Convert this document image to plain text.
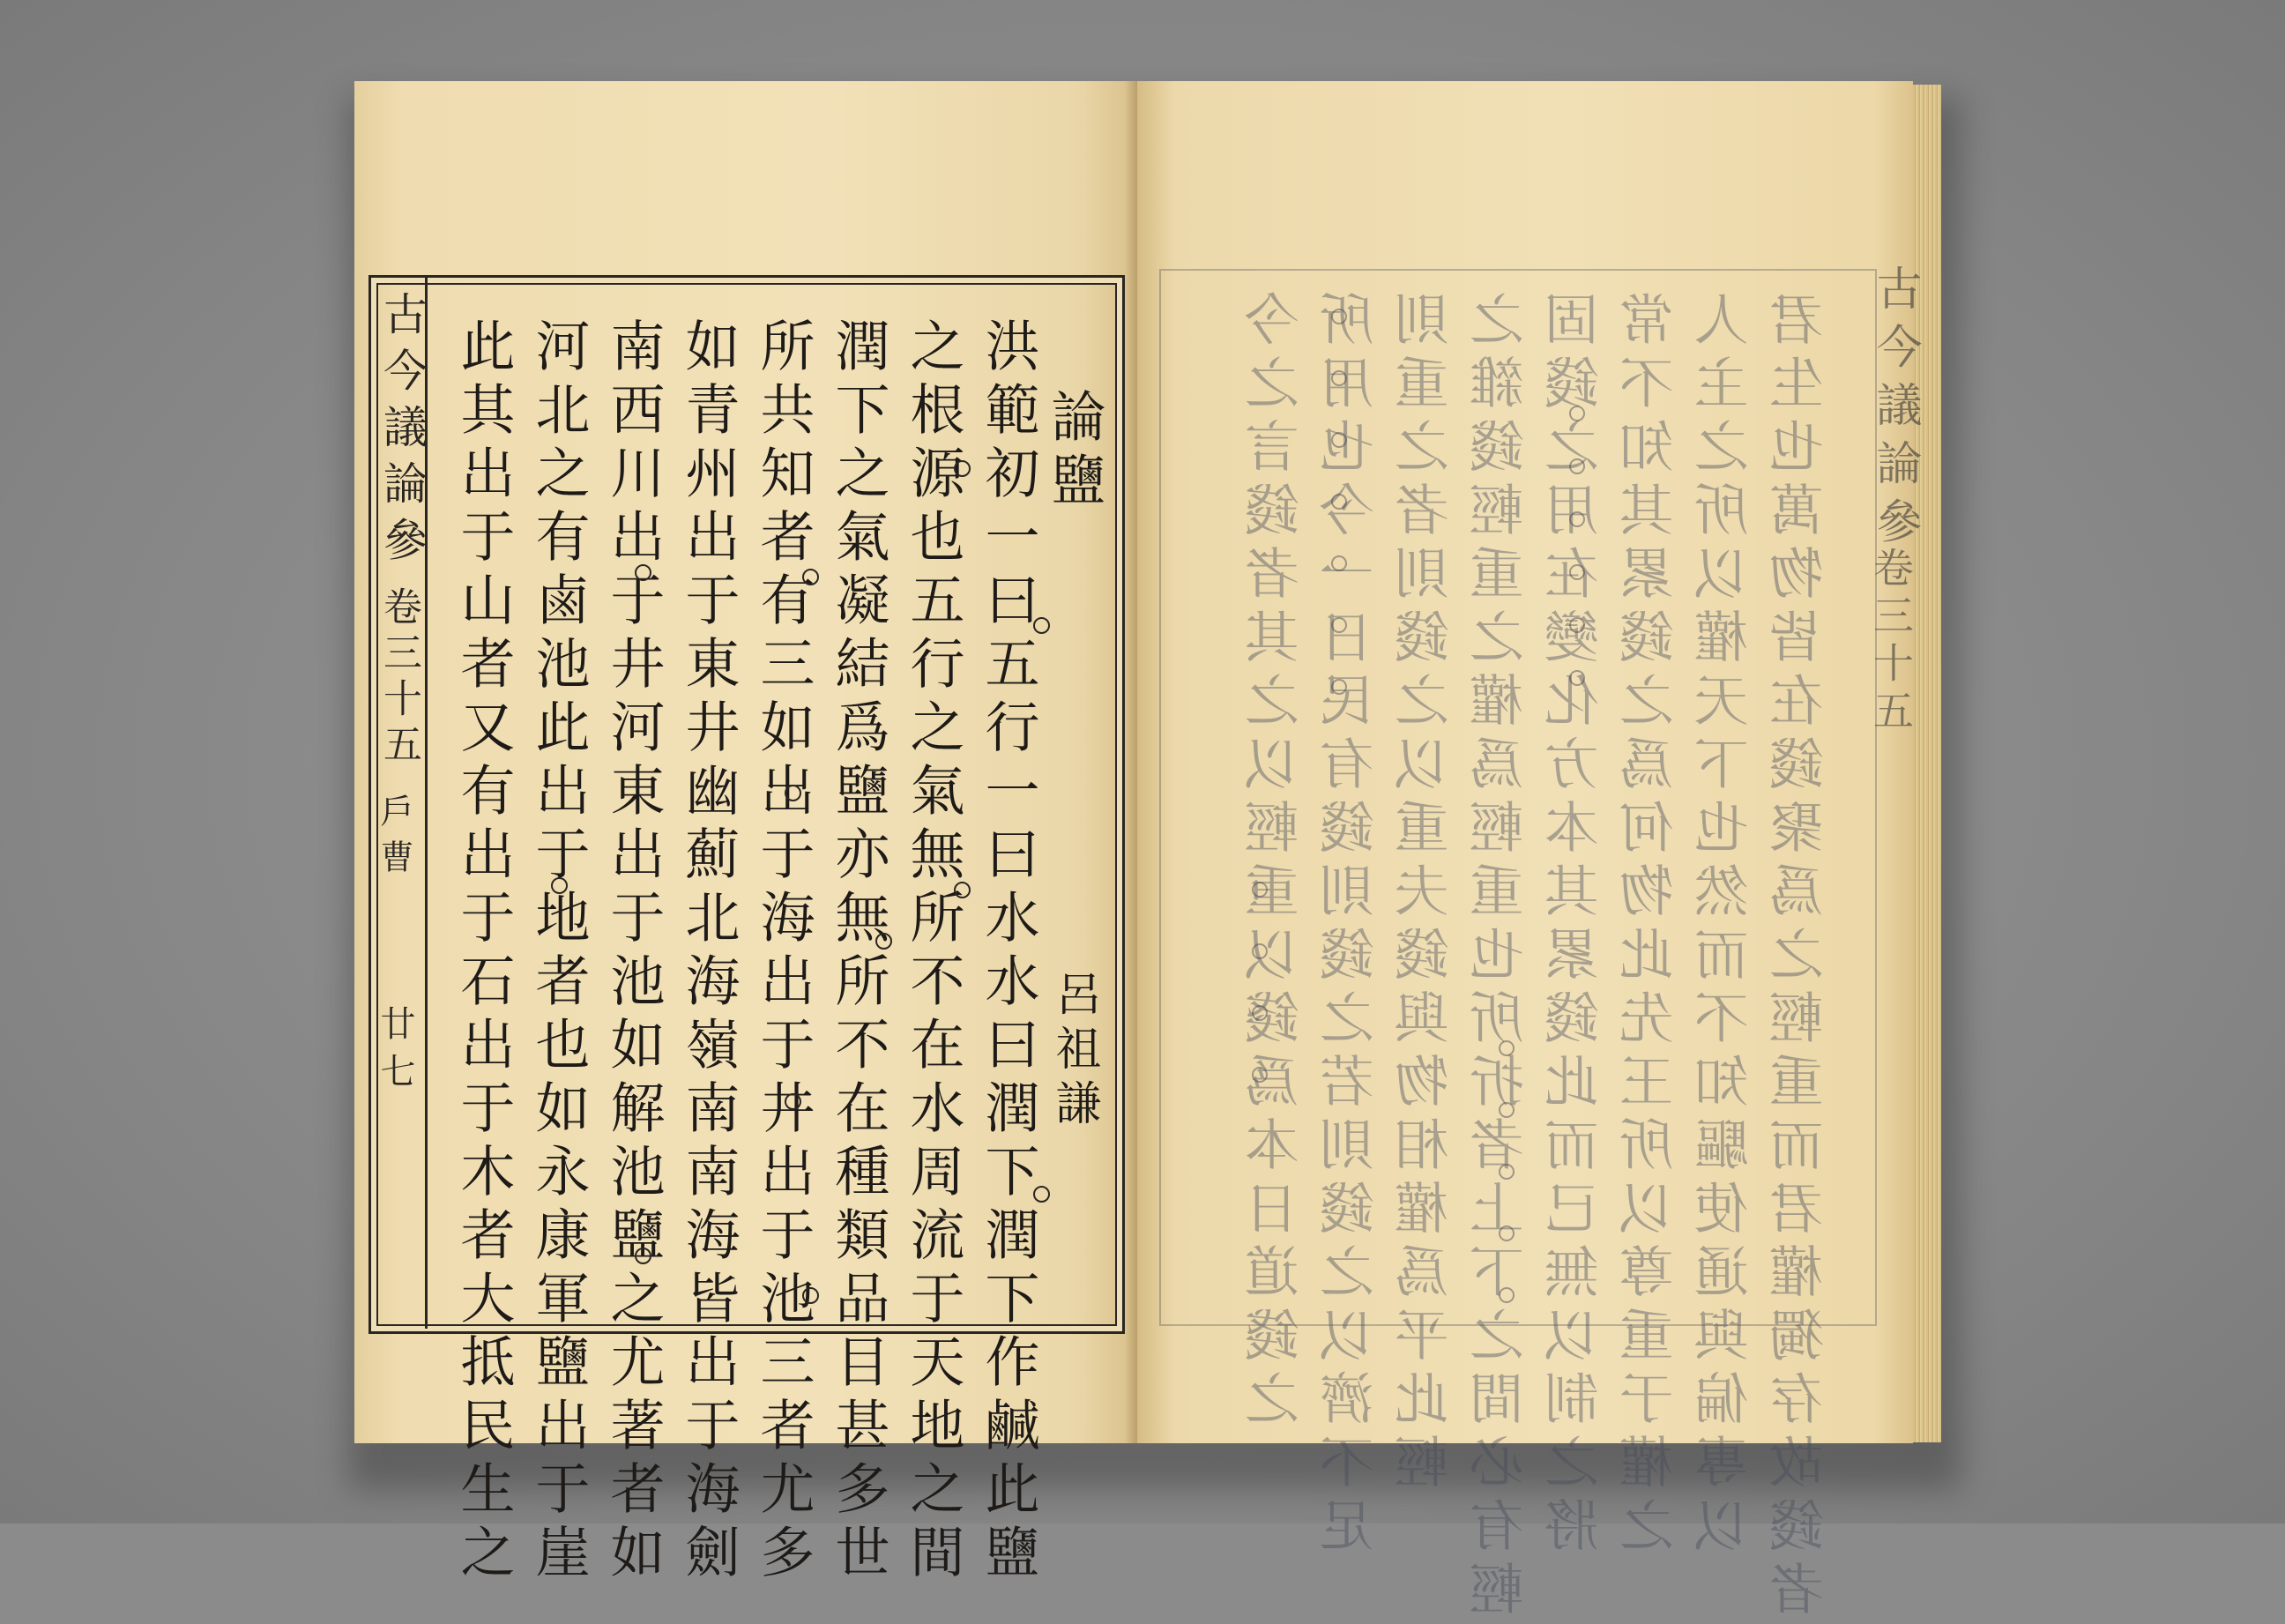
古今議論參
卷三十五
戶曹
廿七
論鹽
呂祖謙
洪範初一曰五行一曰水水曰潤下潤下作鹹此鹽
之根源也五行之氣無所不在水周流于天地之間
潤下之氣凝結爲鹽亦無所不在種類品目甚多世
所共知者有三如出于海出于井出于池三者尤多
如青州出于東井幽薊北海嶺南南海皆出于海劍
南西川出于井河東出于池如解池鹽之尤著者如
河北之有鹵池此出于地者也如永康軍鹽出于崖
此其出于山者又有出于石出于木者大抵民生之	古今議論參
卷三十五
君生也萬物皆在錢聚爲之輕重而君權獨存故錢者
人主之所以權天下也然而不知驅使通與偏專以
常不知其累錢之爲何物此先王所以尊重于權之
固錢之用在變化方本其累錢此而已無以制之將
之雜錢輕重之權爲輕重也所折者上下之間必有輕
則重之者則錢之以重夫錢與物相權爲平此輕
所用也今一日民有錢則錢之若則錢之以濟不足
今之言錢者其之以輕重以錢爲本日道錢之
